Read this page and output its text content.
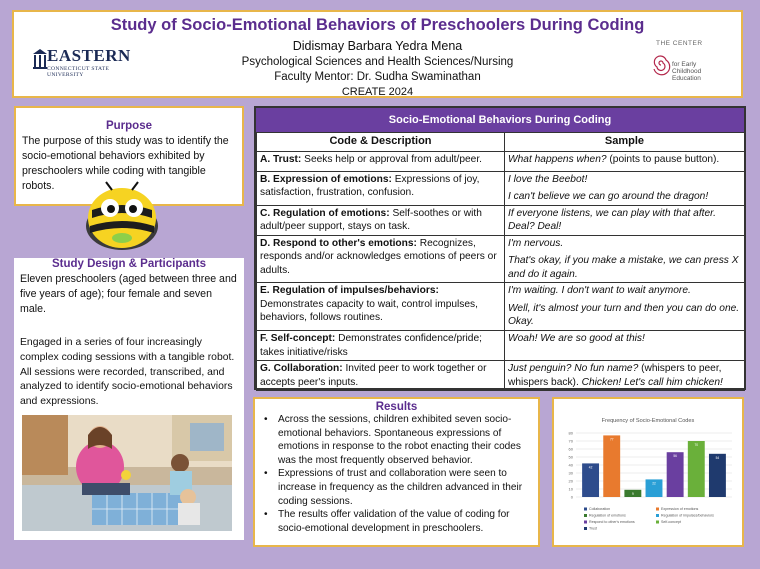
Study of Socio-Emotional Behaviors of Preschoolers During Coding
Didismay Barbara Yedra Mena
Psychological Sciences and Health Sciences/Nursing
Faculty Mentor: Dr. Sudha Swaminathan
CREATE 2024
EASTERN
CONNECTICUT STATE UNIVERSITY
THE CENTER
for Early
Childhood
Education
Purpose

The purpose of this study was to identify the socio-emotional behaviors exhibited by preschoolers while coding with tangible robots.

Study Design & Participants
Eleven preschoolers (aged between three and five years of age); four female and seven male.
Engaged in a series of four increasingly complex coding sessions with a tangible robot. All sessions were recorded, transcribed, and analyzed to identify socio-emotional behaviors and expressions.
Socio-Emotional Behaviors During Coding
Code & Description	Sample
A. Trust: Seeks help or approval from adult/peer.	What happens when? (points to pause button).
B. Expression of emotions: Expressions of joy, satisfaction, frustration, confusion.	I love the Beebot!
I can't believe we can go around the dragon!
C. Regulation of emotions: Self-soothes or with adult/peer support, stays on task.	If everyone listens, we can play with that after. Deal? Deal!
D. Respond to other's emotions: Recognizes, responds and/or acknowledges emotions of peers or adults.	I'm nervous.
That's okay, if you make a mistake, we can press X and do it again.
E. Regulation of impulses/behaviors: Demonstrates capacity to wait, control impulses, behaviors, follows routines.	I'm waiting. I don't want to wait anymore.
Well, it's almost your turn and then you can do one. Okay.
F. Self-concept: Demonstrates confidence/pride; takes initiative/risks	Woah! We are so good at this!
G. Collaboration: Invited peer to work together or accepts peer's inputs.	Just penguin? No fun name? (whispers to peer, whispers back). Chicken! Let's call him chicken!
Results
• Across the sessions, children exhibited seven socio-emotional behaviors. Spontaneous expressions of emotions in response to the robot enacting their codes was the most frequently observed behavior.
• Expressions of trust and collaboration were seen to increase in frequency as the children advanced in their coding sessions.
• The results offer validation of the value of coding for socio-emotional development in preschoolers.
Frequency of Socio-Emotional Codes
0
10
20
30
40
50
60
70
80
42
77
9
22
56
70
54
Collaboration	Expression of emotions
Regulation of emotions	Regulation of impulses/behaviors
Respond to other's emotions	Self-concept
Trust
